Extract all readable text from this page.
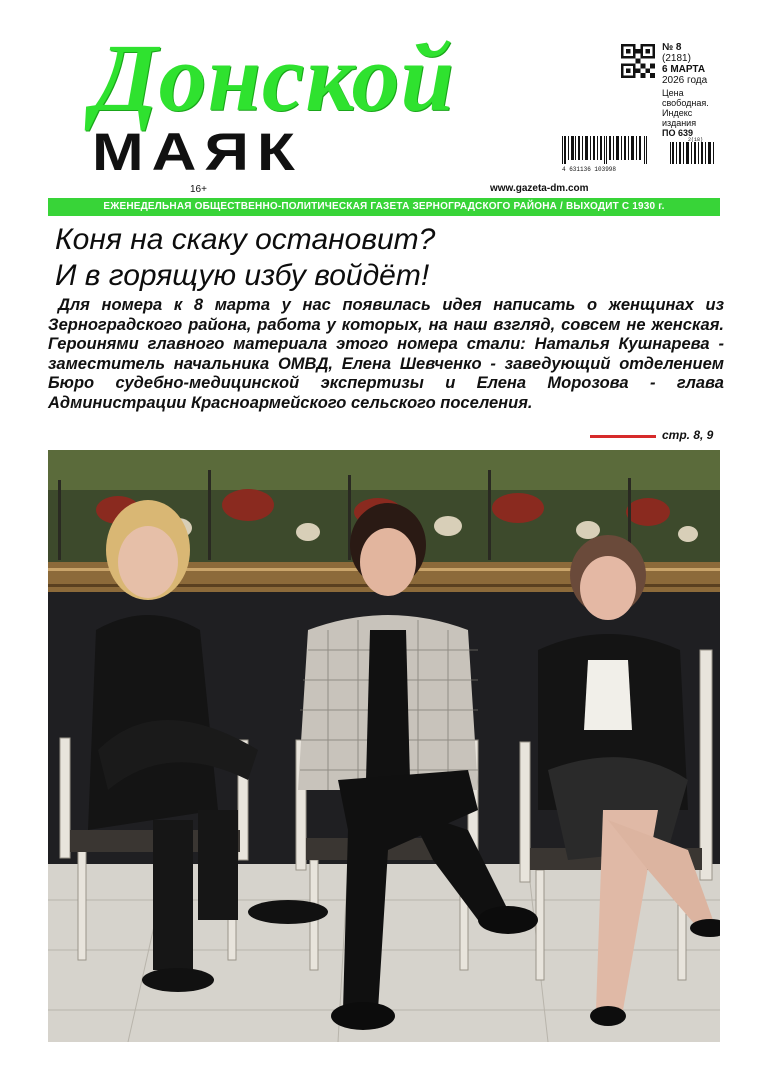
Донской
МАЯК
16+	www.gazeta-dm.com
№ 8
(2181)
6 МАРТА
2026 года
Цена
свободная.
Индекс
издания
ПО 639
4 631136 103998
2(18)
ЕЖЕНЕДЕЛЬНАЯ ОБЩЕСТВЕННО-ПОЛИТИЧЕСКАЯ ГАЗЕТА ЗЕРНОГРАДСКОГО РАЙОНА / ВЫХОДИТ С 1930 г.
Коня на скаку остановит?
И в горящую избу войдёт!
Для номера к 8 марта у нас появилась идея написать о женщинах из Зерноградского района, работа у которых, на наш взгляд, совсем не женская. Героинями главного материала этого номера стали: Наталья Кушнарева - заместитель начальника ОМВД, Елена Шевченко - заведующий отделением Бюро судебно-медицинской экспертизы и Елена Морозова - глава Администрации Красноармейского сельского поселения.
стр. 8, 9
